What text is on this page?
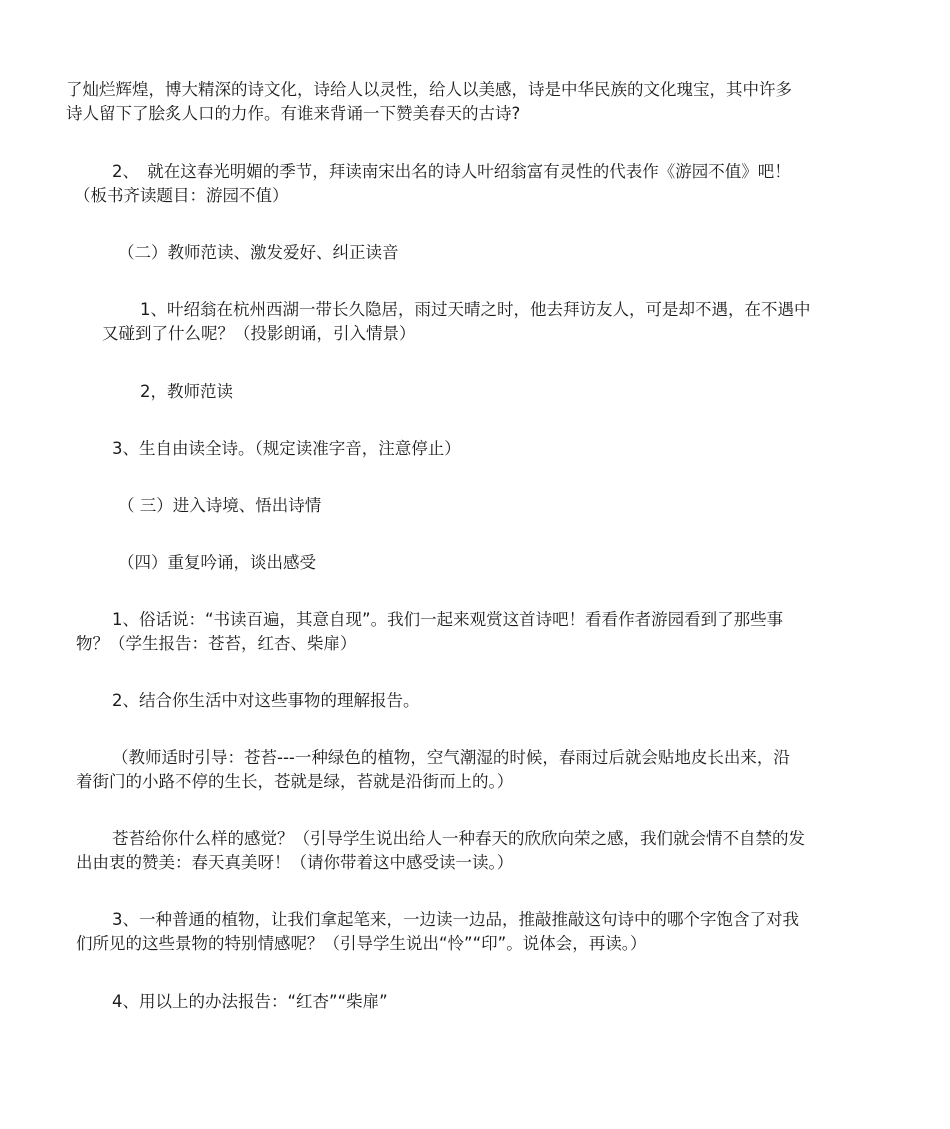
了灿烂辉煌，博大精深的诗文化，诗给人以灵性，给人以美感，诗是中华民族的文化瑰宝，其中许多

诗人留下了脍炙人口的力作。有谁来背诵一下赞美春天的古诗?

2、　就在这春光明媚的季节，拜读南宋出名的诗人叶绍翁富有灵性的代表作《游园不值》吧！

（板书齐读题目：游园不值）

（二）教师范读、激发爱好、纠正读音

1、叶绍翁在杭州西湖一带长久隐居，雨过天晴之时，他去拜访友人，可是却不遇，在不遇中

又碰到了什么呢？（投影朗诵，引入情景）

2，教师范读

3、生自由读全诗。（规定读准字音，注意停止）

（ 三）进入诗境、悟出诗情

（四）重复吟诵，谈出感受

1、俗话说：“书读百遍，其意自现”。我们一起来观赏这首诗吧！看看作者游园看到了那些事

物？（学生报告：苍苔，红杏、柴扉）

2、结合你生活中对这些事物的理解报告。

（教师适时引导：苍苔---一种绿色的植物，空气潮湿的时候，春雨过后就会贴地皮长出来，沿

着街门的小路不停的生长，苍就是绿，苔就是沿街而上的。）

苍苔给你什么样的感觉？（引导学生说出给人一种春天的欣欣向荣之感，我们就会情不自禁的发

出由衷的赞美：春天真美呀！（请你带着这中感受读一读。）

3、一种普通的植物，让我们拿起笔来，一边读一边品，推敲推敲这句诗中的哪个字饱含了对我

们所见的这些景物的特别情感呢？（引导学生说出“怜”“印”。说体会，再读。）

4、用以上的办法报告：“红杏”“柴扉”
